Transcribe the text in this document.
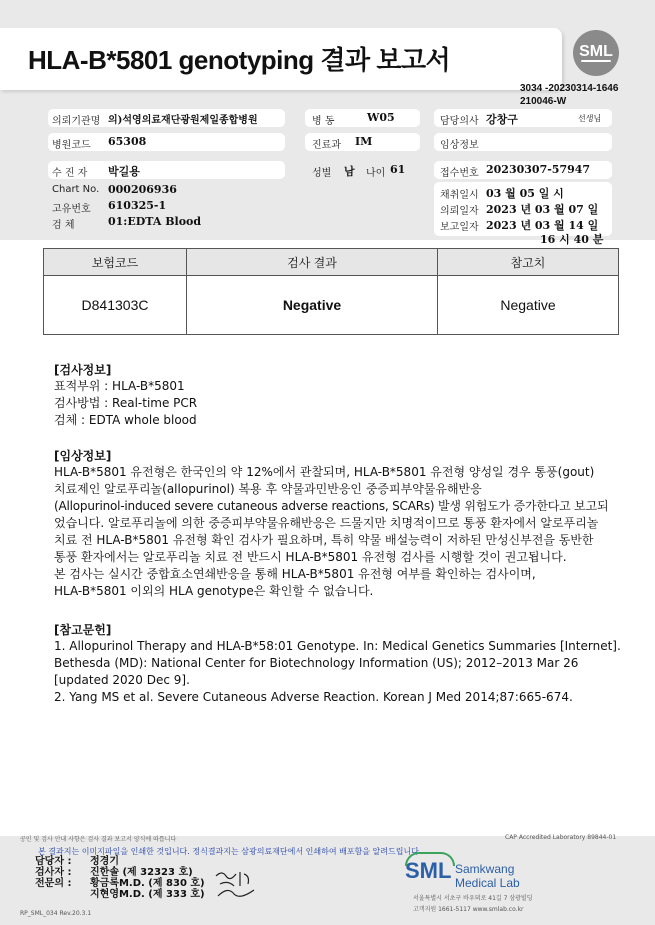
HLA-B*5801 genotyping 결과 보고서	SML
3034 -20230314-1646
210046-W
의뢰기관명 의)석영의료재단광원제일종합병원	병 동	W05	담당의사 강창구	선생님
병원코드 65308	진료과 IM	임상정보
수 진 자 박길용	성별 남 나이 61	접수번호 20230307-57947
Chart No. 000206936
고유번호 610325-1
검 체	01:EDTA Blood
채취일시 03 월 05 일 시
의뢰일자 2023 년 03 월 07 일
보고일자 2023 년 03 월 14 일
16 시 40 분
보험코드	검사 결과	참고치
D841303C	Negative	Negative
[검사정보]
표적부위 : HLA-B*5801
검사방법 : Real-time PCR
검체 : EDTA whole blood
[임상정보]
HLA-B*5801 유전형은 한국인의 약 12%에서 관찰되며, HLA-B*5801 유전형 양성일 경우 통풍(gout)
치료제인 알로푸리놀(allopurinol) 복용 후 약물과민반응인 중증피부약물유해반응
(Allopurinol-induced severe cutaneous adverse reactions, SCARs) 발생 위험도가 증가한다고 보고되
었습니다. 알로푸리놀에 의한 중증피부약물유해반응은 드물지만 치명적이므로 통풍 환자에서 알로푸리놀
치료 전 HLA-B*5801 유전형 확인 검사가 필요하며, 특히 약물 배설능력이 저하된 만성신부전을 동반한
통풍 환자에서는 알로푸리놀 치료 전 반드시 HLA-B*5801 유전형 검사를 시행할 것이 권고됩니다.
본 검사는 실시간 중합효소연쇄반응을 통해 HLA-B*5801 유전형 여부를 확인하는 검사이며,
HLA-B*5801 이외의 HLA genotype은 확인할 수 없습니다.
[참고문헌]
1. Allopurinol Therapy and HLA-B*58:01 Genotype. In: Medical Genetics Summaries [Internet].
Bethesda (MD): National Center for Biotechnology Information (US); 2012–2013 Mar 26
[updated 2020 Dec 9].
2. Yang MS et al. Severe Cutaneous Adverse Reaction. Korean J Med 2014;87:665-674.
공인 및 검사 안내 사항은 검사 결과 보고서 양식에 따릅니다	CAP Accredited Laboratory 89844-01
본 결과지는 이미지파일을 인쇄한 것입니다. 정식결과지는 삼광의료재단에서 인쇄하여 배포함을 알려드립니다.
담당자 : 정경기
검사자 : 진한솔 (제 32323 호)
전문의 : 황금록M.D. (제 830 호)
지현영M.D. (제 333 호)
RP_SML_034 Rev.20.3.1
SML Samkwang
Medical Lab
서울특별시 서초구 바우뫼로 41길 7 삼광빌딩
고객지원 1661-5117 www.smlab.co.kr
